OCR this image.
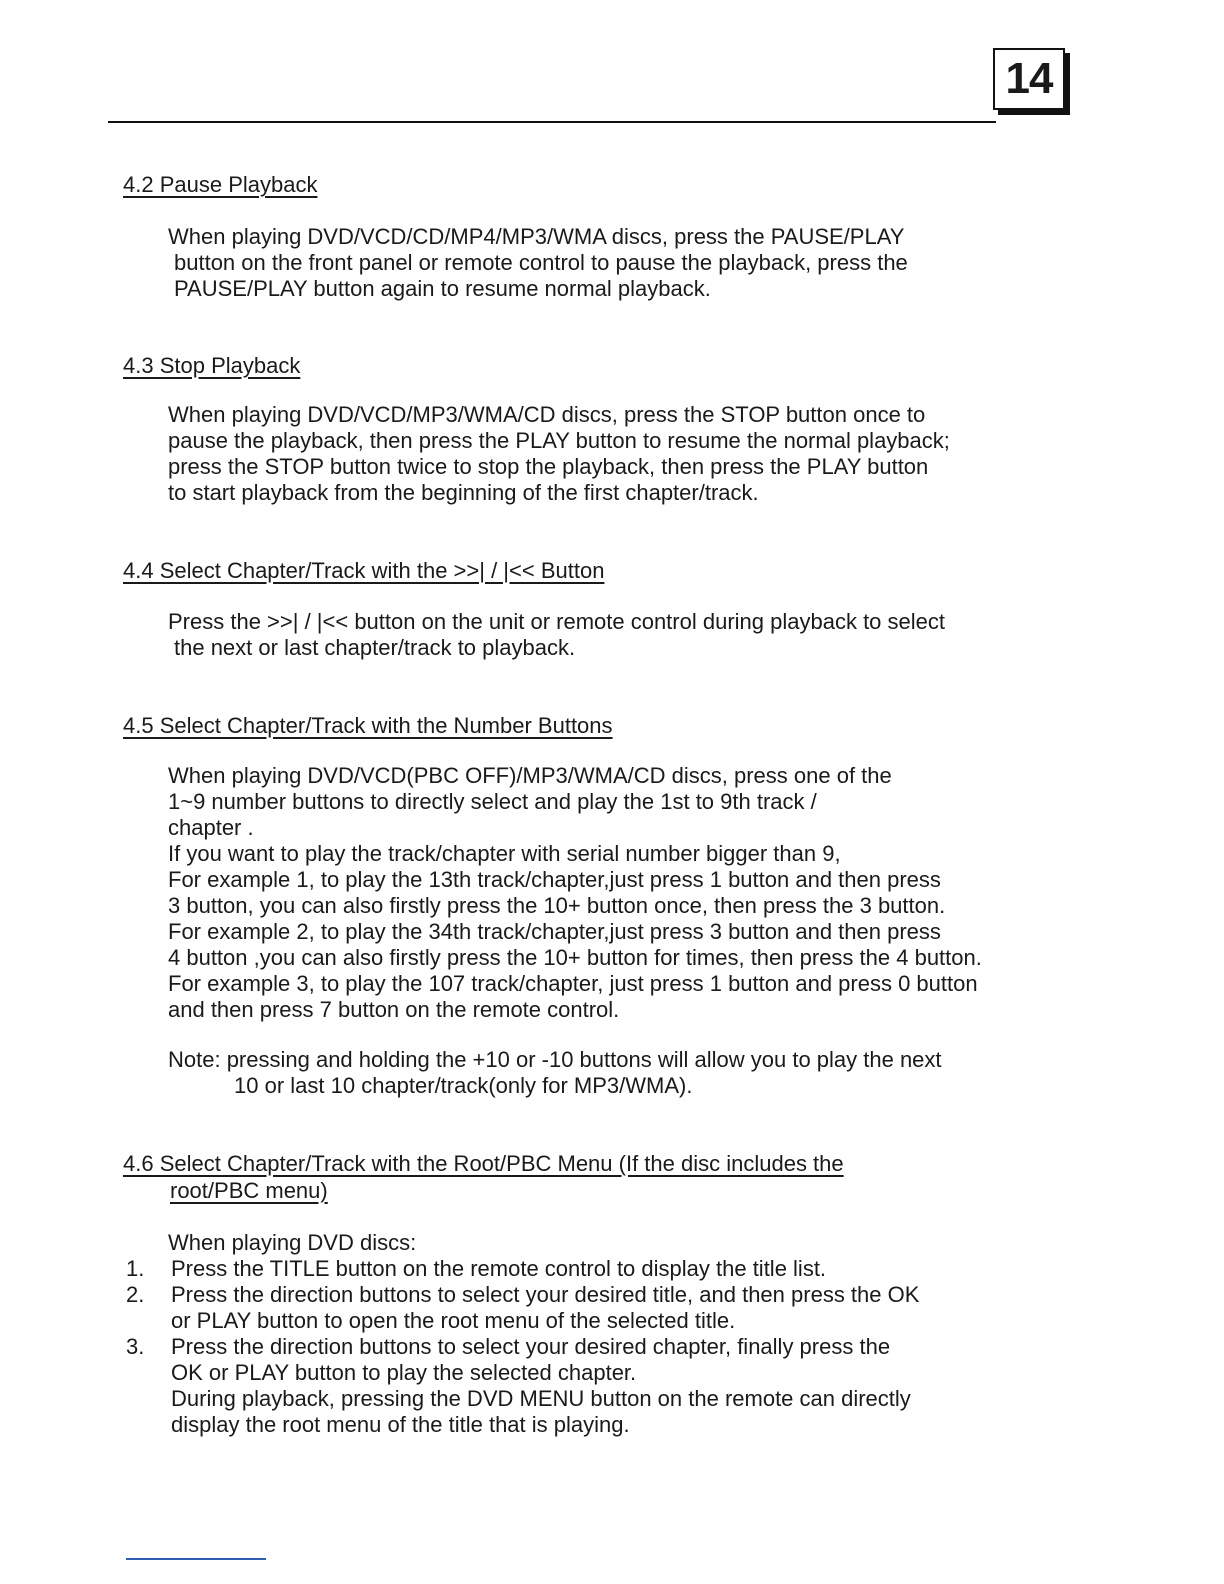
14
4.2 Pause Playback
When playing DVD/VCD/CD/MP4/MP3/WMA discs, press the PAUSE/PLAY
button on the front panel or remote control to pause the playback, press the
PAUSE/PLAY button again to resume normal playback.
4.3 Stop Playback
When playing DVD/VCD/MP3/WMA/CD discs, press the STOP button once to
pause the playback, then press the PLAY button to resume the normal playback;
press the STOP button twice to stop the playback, then press the PLAY button
to start playback from the beginning of the first chapter/track.
4.4 Select Chapter/Track with the >>| / |<< Button
Press the >>| / |<< button on the unit or remote control during playback to select
the next or last chapter/track to playback.
4.5 Select Chapter/Track with the Number Buttons
When playing DVD/VCD(PBC OFF)/MP3/WMA/CD discs, press one of the
1~9 number buttons to directly select and play the 1st to 9th track /
chapter .
If you want to play the track/chapter with serial number bigger than 9,
For example 1, to play the 13th track/chapter,just press 1 button and then press
3 button, you can also firstly press the 10+ button once, then press the 3 button.
For example 2, to play the 34th track/chapter,just press 3 button and then press
4 button ,you can also firstly press the 10+ button for times, then press the 4 button.
For example 3, to play the 107 track/chapter, just press 1 button and press 0 button
and then press 7 button on the remote control.
Note: pressing and holding the +10 or -10 buttons will allow you to play the next
10 or last 10 chapter/track(only for MP3/WMA).
4.6 Select Chapter/Track with the Root/PBC Menu (If the disc includes the
root/PBC menu)
When playing DVD discs:
1. Press the TITLE button on the remote control to display the title list.
2. Press the direction buttons to select your desired title, and then press the OK
or PLAY button to open the root menu of the selected title.
3. Press the direction buttons to select your desired chapter, finally press the
OK or PLAY button to play the selected chapter.
During playback, pressing the DVD MENU button on the remote can directly
display the root menu of the title that is playing.
